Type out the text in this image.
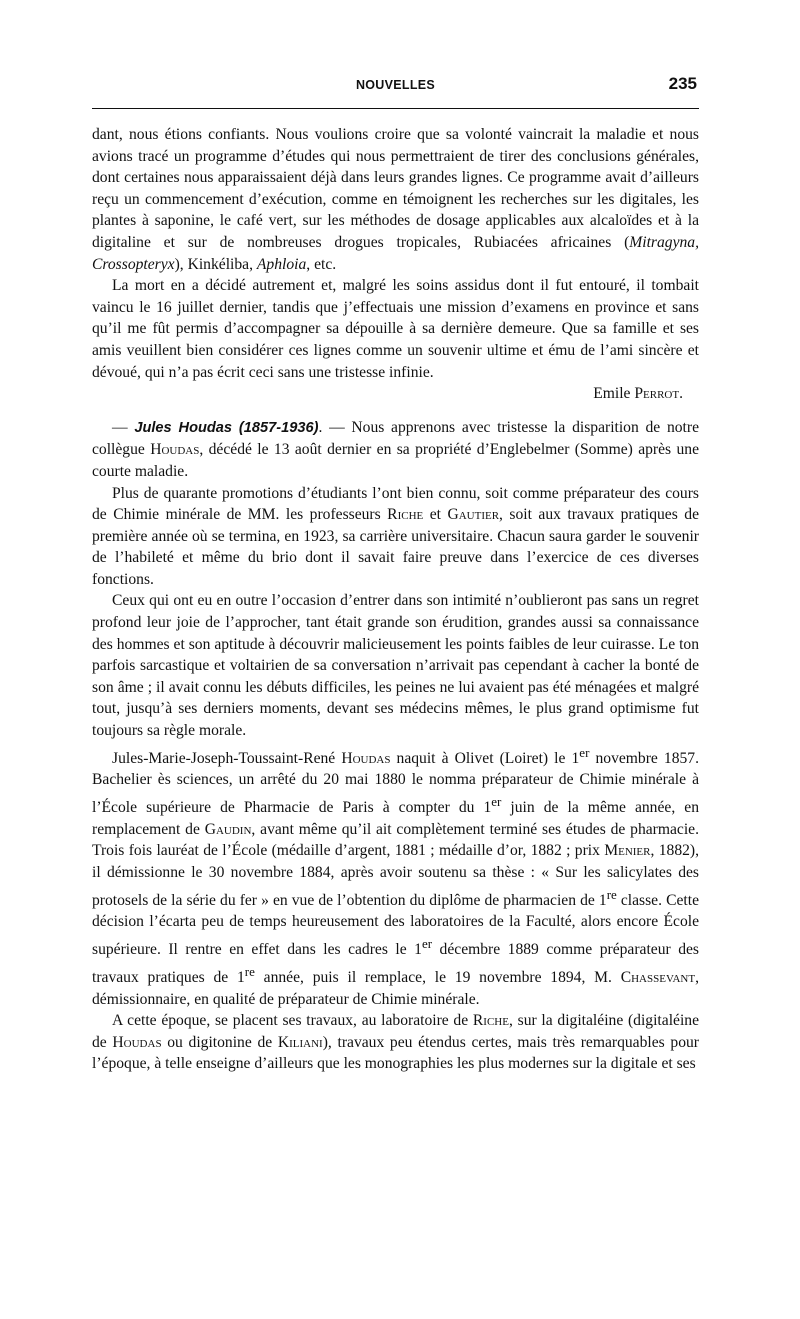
NOUVELLES	235

dant, nous étions confiants. Nous voulions croire que sa volonté vaincrait la maladie et nous avions tracé un programme d’études qui nous permettraient de tirer des conclusions générales, dont certaines nous apparaissaient déjà dans leurs grandes lignes. Ce programme avait d’ailleurs reçu un commencement d’exécution, comme en témoignent les recherches sur les digitales, les plantes à saponine, le café vert, sur les méthodes de dosage applicables aux alcaloïdes et à la digitaline et sur de nombreuses drogues tropicales, Rubiacées africaines (Mitragyna, Crossopteryx), Kinkéliba, Aphloia, etc.

La mort en a décidé autrement et, malgré les soins assidus dont il fut entouré, il tombait vaincu le 16 juillet dernier, tandis que j’effectuais une mission d’examens en province et sans qu’il me fût permis d’accompagner sa dépouille à sa dernière demeure. Que sa famille et ses amis veuillent bien considérer ces lignes comme un souvenir ultime et ému de l’ami sincère et dévoué, qui n’a pas écrit ceci sans une tristesse infinie.

Emile Perrot.

— Jules Houdas (1857-1936). — Nous apprenons avec tristesse la disparition de notre collègue Houdas, décédé le 13 août dernier en sa propriété d’Englebelmer (Somme) après une courte maladie.

Plus de quarante promotions d’étudiants l’ont bien connu, soit comme préparateur des cours de Chimie minérale de MM. les professeurs Riche et Gautier, soit aux travaux pratiques de première année où se termina, en 1923, sa carrière universitaire. Chacun saura garder le souvenir de l’habileté et même du brio dont il savait faire preuve dans l’exercice de ces diverses fonctions.

Ceux qui ont eu en outre l’occasion d’entrer dans son intimité n’oublieront pas sans un regret profond leur joie de l’approcher, tant était grande son érudition, grandes aussi sa connaissance des hommes et son aptitude à découvrir malicieusement les points faibles de leur cuirasse. Le ton parfois sarcastique et voltairien de sa conversation n’arrivait pas cependant à cacher la bonté de son âme ; il avait connu les débuts difficiles, les peines ne lui avaient pas été ménagées et malgré tout, jusqu’à ses derniers moments, devant ses médecins mêmes, le plus grand optimisme fut toujours sa règle morale.

Jules-Marie-Joseph-Toussaint-René Houdas naquit à Olivet (Loiret) le 1er novembre 1857. Bachelier ès sciences, un arrêté du 20 mai 1880 le nomma préparateur de Chimie minérale à l’École supérieure de Pharmacie de Paris à compter du 1er juin de la même année, en remplacement de Gaudin, avant même qu’il ait complètement terminé ses études de pharmacie. Trois fois lauréat de l’École (médaille d’argent, 1881 ; médaille d’or, 1882 ; prix Menier, 1882), il démissionne le 30 novembre 1884, après avoir soutenu sa thèse : « Sur les salicylates des protosels de la série du fer » en vue de l’obtention du diplôme de pharmacien de 1re classe. Cette décision l’écarta peu de temps heureusement des laboratoires de la Faculté, alors encore École supérieure. Il rentre en effet dans les cadres le 1er décembre 1889 comme préparateur des travaux pratiques de 1re année, puis il remplace, le 19 novembre 1894, M. Chassevant, démissionnaire, en qualité de préparateur de Chimie minérale.

A cette époque, se placent ses travaux, au laboratoire de Riche, sur la digitaléine (digitaléine de Houdas ou digitonine de Kiliani), travaux peu étendus certes, mais très remarquables pour l’époque, à telle enseigne d’ailleurs que les monographies les plus modernes sur la digitale et ses
